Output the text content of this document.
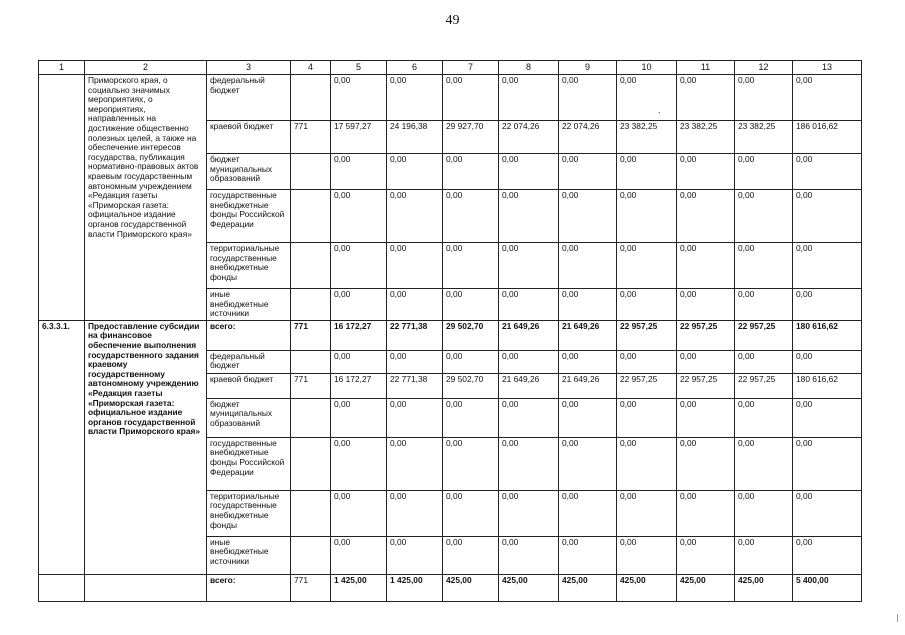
49
.
1	2	3	4	5	6	7	8	9	10	11	12	13
	Приморского края, о социально значимых мероприятиях, о мероприятиях, направленных на достижение общественно полезных целей, а также на обеспечение интересов государства, публикация нормативно-правовых актов краевым государственным автономным учреждением «Редакция газеты «Приморская газета: официальное издание органов государственной власти Приморского края»	федеральный бюджет		0,00	0,00	0,00	0,00	0,00	0,00	0,00	0,00	0,00
		краевой бюджет	771	17 597,27	24 196,38	29 927,70	22 074,26	22 074,26	23 382,25	23 382,25	23 382,25	186 016,62
		бюджет муниципальных образований		0,00	0,00	0,00	0,00	0,00	0,00	0,00	0,00	0,00
		государственные внебюджетные фонды Российской Федерации		0,00	0,00	0,00	0,00	0,00	0,00	0,00	0,00	0,00
		территориальные государственные внебюджетные фонды		0,00	0,00	0,00	0,00	0,00	0,00	0,00	0,00	0,00
		иные внебюджетные источники		0,00	0,00	0,00	0,00	0,00	0,00	0,00	0,00	0,00
6.3.3.1.	Предоставление субсидии на финансовое обеспечение выполнения государственного задания краевому государственному автономному учреждению «Редакция газеты «Приморская газета: официальное издание органов государственной власти Приморского края»	всего:	771	16 172,27	22 771,38	29 502,70	21 649,26	21 649,26	22 957,25	22 957,25	22 957,25	180 616,62
		федеральный бюджет		0,00	0,00	0,00	0,00	0,00	0,00	0,00	0,00	0,00
		краевой бюджет	771	16 172,27	22 771,38	29 502,70	21 649,26	21 649,26	22 957,25	22 957,25	22 957,25	180 616,62
		бюджет муниципальных образований		0,00	0,00	0,00	0,00	0,00	0,00	0,00	0,00	0,00
		государственные внебюджетные фонды Российской Федерации		0,00	0,00	0,00	0,00	0,00	0,00	0,00	0,00	0,00
		территориальные государственные внебюджетные фонды		0,00	0,00	0,00	0,00	0,00	0,00	0,00	0,00	0,00
		иные внебюджетные источники		0,00	0,00	0,00	0,00	0,00	0,00	0,00	0,00	0,00
		всего:	771	1 425,00	1 425,00	425,00	425,00	425,00	425,00	425,00	425,00	5 400,00
